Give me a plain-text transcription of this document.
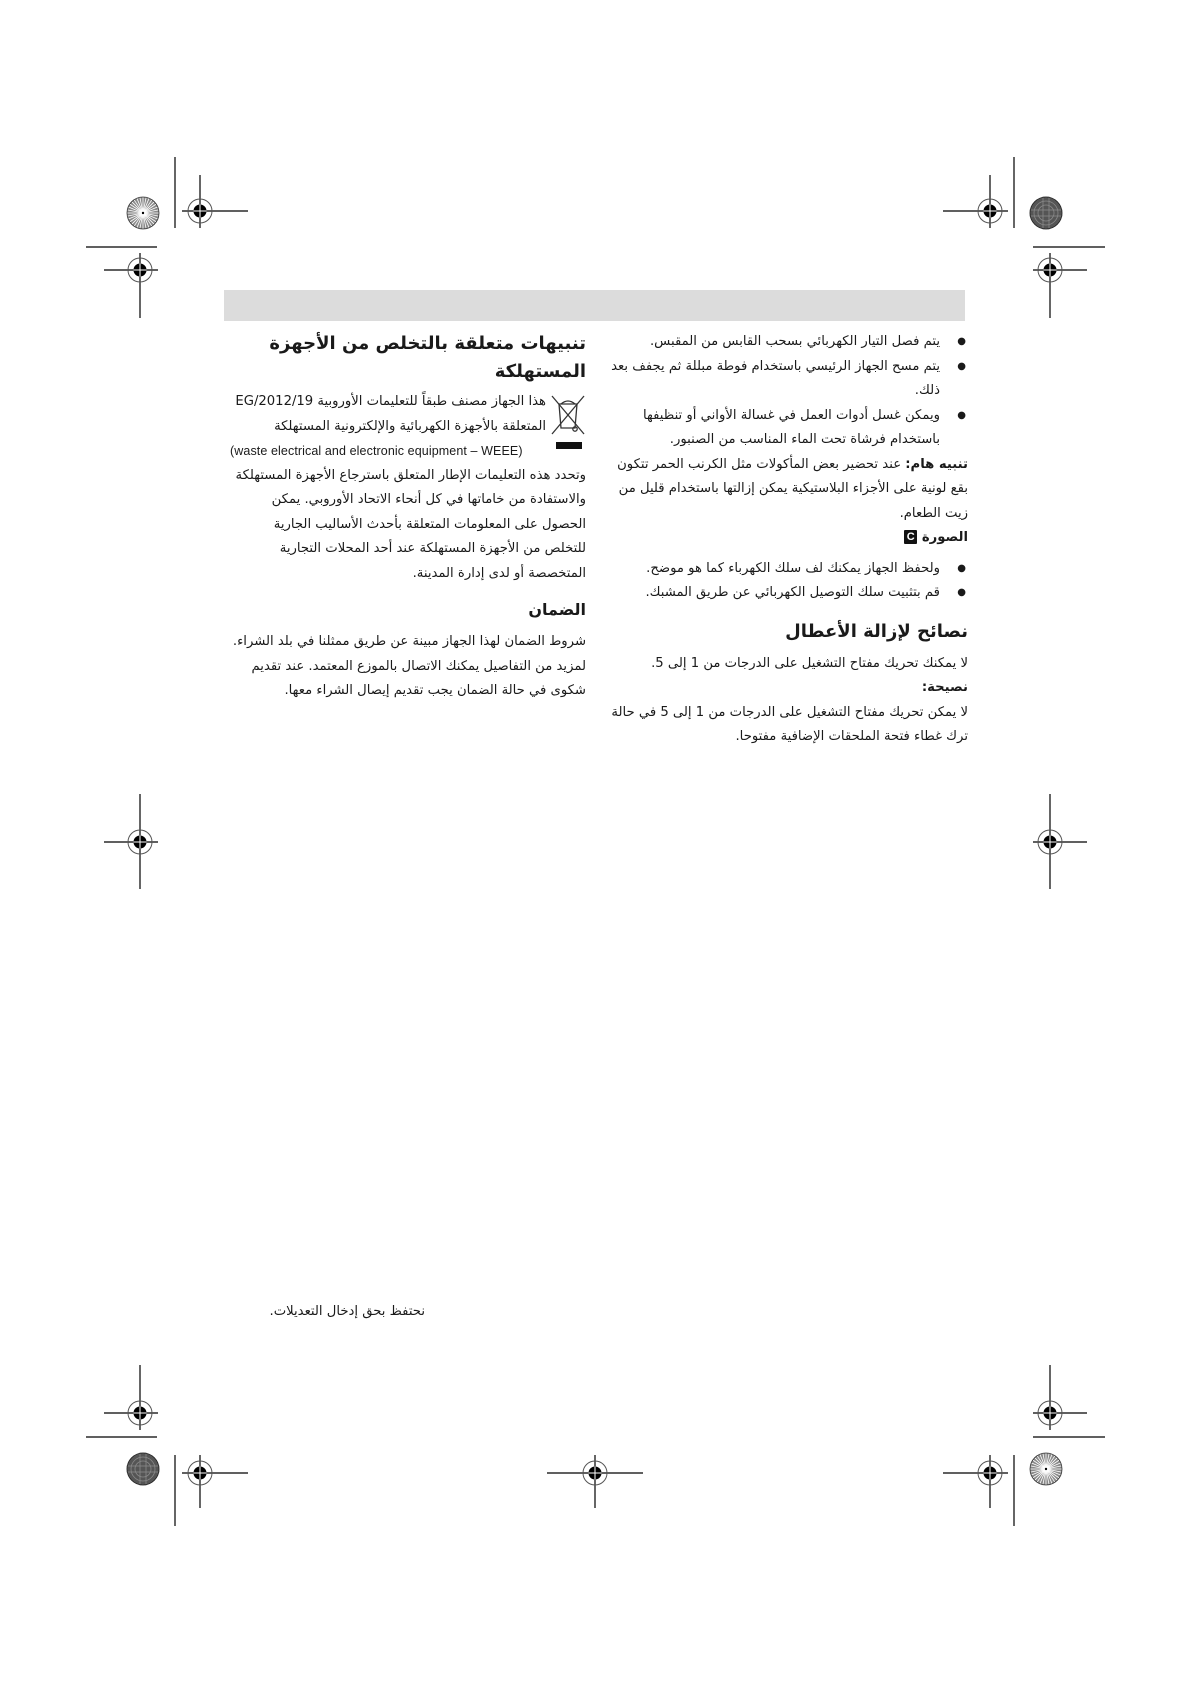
● يتم فصل التيار الكهربائي بسحب القابس من المقبس.
● يتم مسح الجهاز الرئيسي باستخدام فوطة مبللة ثم يجفف بعد ذلك.
● ويمكن غسل أدوات العمل في غسالة الأواني أو تنظيفها باستخدام فرشاة تحت الماء المناسب من الصنبور.

تنبيه هام: عند تحضير بعض المأكولات مثل الكرنب الحمر تتكون بقع لونية على الأجزاء البلاستيكية يمكن إزالتها باستخدام قليل من زيت الطعام.

الصورة C

● ولحفظ الجهاز يمكنك لف سلك الكهرباء كما هو موضح.
● قم بتثبيت سلك التوصيل الكهربائي عن طريق المشبك.
نصائح لإزالة الأعطال

لا يمكنك تحريك مفتاح التشغيل على الدرجات من 1 إلى 5.

نصيحة:

لا يمكن تحريك مفتاح التشغيل على الدرجات من 1 إلى 5 في حالة ترك غطاء فتحة الملحقات الإضافية مفتوحا.

تنبيهات متعلقة بالتخلص من الأجهزة المستهلكة

هذا الجهاز مصنف طبقاً للتعليمات الأوروبية 2012/19/EG المتعلقة بالأجهزة الكهربائية والإلكترونية المستهلكة

(waste electrical and electronic equipment – WEEE)

وتحدد هذه التعليمات الإطار المتعلق باسترجاع الأجهزة المستهلكة والاستفادة من خاماتها في كل أنحاء الاتحاد الأوروبي. يمكن الحصول على المعلومات المتعلقة بأحدث الأساليب الجارية للتخلص من الأجهزة المستهلكة عند أحد المحلات التجارية المتخصصة أو لدى إدارة المدينة.

الضمان

شروط الضمان لهذا الجهاز مبينة عن طريق ممثلنا في بلد الشراء. لمزيد من التفاصيل يمكنك الاتصال بالموزع المعتمد. عند تقديم شكوى في حالة الضمان يجب تقديم إيصال الشراء معها.

نحتفظ بحق إدخال التعديلات.
